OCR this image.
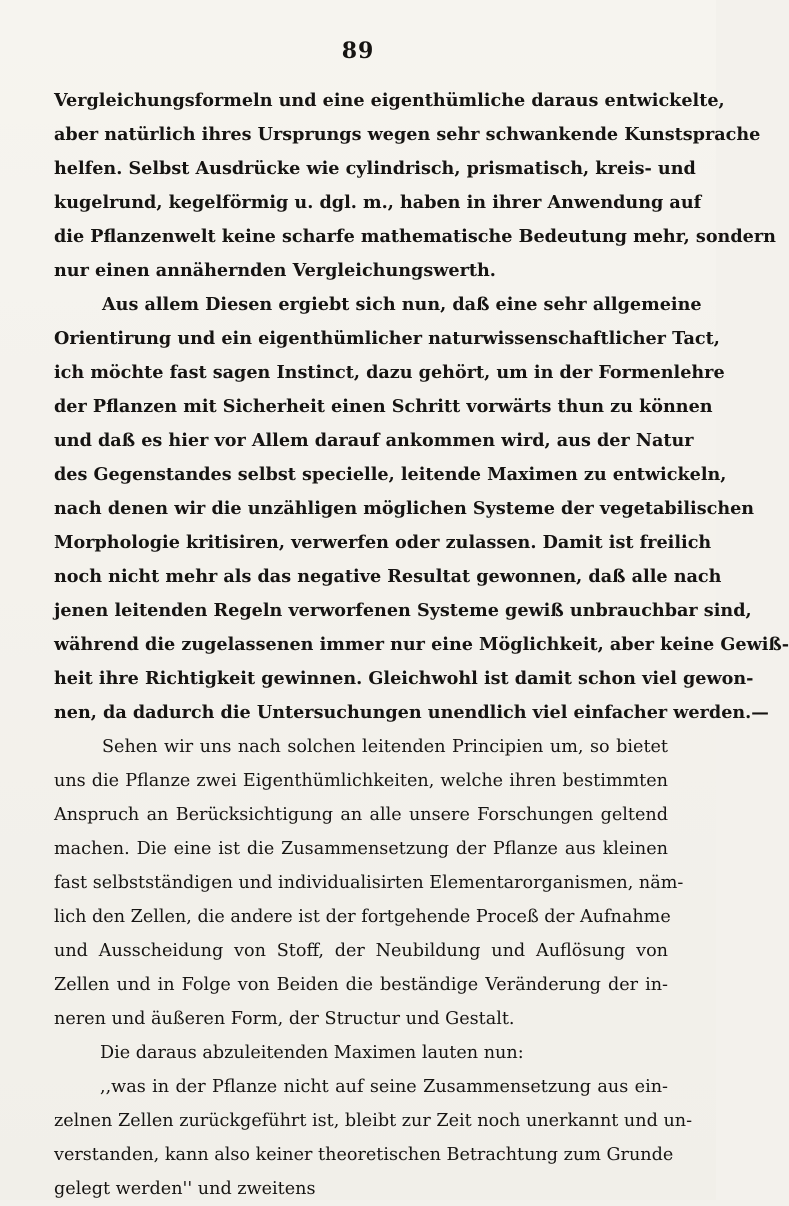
89
Vergleichungsformeln und eine eigenthümliche daraus entwickelte,
aber natürlich ihres Ursprungs wegen sehr schwankende Kunstsprache
helfen. Selbst Ausdrücke wie cylindrisch, prismatisch, kreis- und
kugelrund, kegelförmig u. dgl. m., haben in ihrer Anwendung auf
die Pflanzenwelt keine scharfe mathematische Bedeutung mehr, sondern
nur einen annähernden Vergleichungswerth.
Aus allem Diesen ergiebt sich nun, daß eine sehr allgemeine
Orientirung und ein eigenthümlicher naturwissenschaftlicher Tact,
ich möchte fast sagen Instinct, dazu gehört, um in der Formenlehre
der Pflanzen mit Sicherheit einen Schritt vorwärts thun zu können
und daß es hier vor Allem darauf ankommen wird, aus der Natur
des Gegenstandes selbst specielle, leitende Maximen zu entwickeln,
nach denen wir die unzähligen möglichen Systeme der vegetabilischen
Morphologie kritisiren, verwerfen oder zulassen. Damit ist freilich
noch nicht mehr als das negative Resultat gewonnen, daß alle nach
jenen leitenden Regeln verworfenen Systeme gewiß unbrauchbar sind,
während die zugelassenen immer nur eine Möglichkeit, aber keine Gewiß-
heit ihre Richtigkeit gewinnen. Gleichwohl ist damit schon viel gewon-
nen, da dadurch die Untersuchungen unendlich viel einfacher werden.—
Sehen wir uns nach solchen leitenden Principien um, so bietet
uns die Pflanze zwei Eigenthümlichkeiten, welche ihren bestimmten
Anspruch an Berücksichtigung an alle unsere Forschungen geltend
machen. Die eine ist die Zusammensetzung der Pflanze aus kleinen
fast selbstständigen und individualisirten Elementarorganismen, näm-
lich den Zellen, die andere ist der fortgehende Proceß der Aufnahme
und Ausscheidung von Stoff, der Neubildung und Auflösung von
Zellen und in Folge von Beiden die beständige Veränderung der in-
neren und äußeren Form, der Structur und Gestalt.
Die daraus abzuleitenden Maximen lauten nun:
,,was in der Pflanze nicht auf seine Zusammensetzung aus ein-
zelnen Zellen zurückgeführt ist, bleibt zur Zeit noch unerkannt und un-
verstanden, kann also keiner theoretischen Betrachtung zum Grunde
gelegt werden'' und zweitens
